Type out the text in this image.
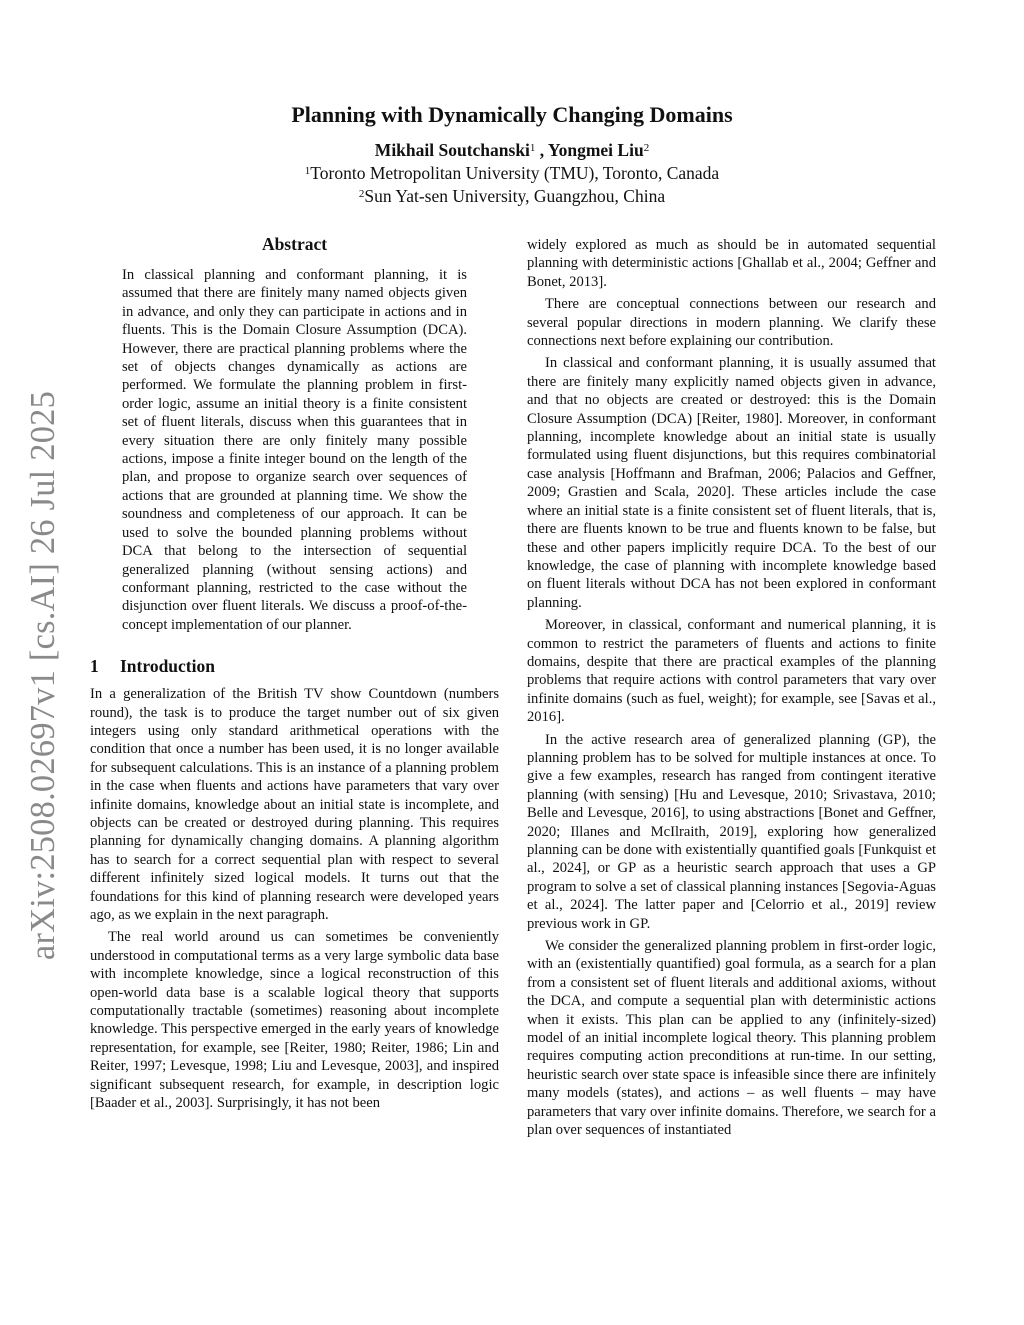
arXiv:2508.02697v1 [cs.AI] 26 Jul 2025
Planning with Dynamically Changing Domains
Mikhail Soutchanski$^1$ , Yongmei Liu$^2$
$^1$Toronto Metropolitan University (TMU), Toronto, Canada
$^2$Sun Yat-sen University, Guangzhou, China
Abstract

In classical planning and conformant planning, it is assumed that there are finitely many named objects given in advance, and only they can participate in actions and in fluents. This is the Domain Closure Assumption (DCA). However, there are practical planning problems where the set of objects changes dynamically as actions are performed. We formulate the planning problem in first-order logic, assume an initial theory is a finite consistent set of fluent literals, discuss when this guarantees that in every situation there are only finitely many possible actions, impose a finite integer bound on the length of the plan, and propose to organize search over sequences of actions that are grounded at planning time. We show the soundness and completeness of our approach. It can be used to solve the bounded planning problems without DCA that belong to the intersection of sequential generalized planning (without sensing actions) and conformant planning, restricted to the case without the disjunction over fluent literals. We discuss a proof-of-the-concept implementation of our planner.

1 Introduction

In a generalization of the British TV show Countdown (numbers round), the task is to produce the target number out of six given integers using only standard arithmetical operations with the condition that once a number has been used, it is no longer available for subsequent calculations. This is an instance of a planning problem in the case when fluents and actions have parameters that vary over infinite domains, knowledge about an initial state is incomplete, and objects can be created or destroyed during planning. This requires planning for dynamically changing domains. A planning algorithm has to search for a correct sequential plan with respect to several different infinitely sized logical models. It turns out that the foundations for this kind of planning research were developed years ago, as we explain in the next paragraph.

The real world around us can sometimes be conveniently understood in computational terms as a very large symbolic data base with incomplete knowledge, since a logical reconstruction of this open-world data base is a scalable logical theory that supports computationally tractable (sometimes) reasoning about incomplete knowledge. This perspective emerged in the early years of knowledge representation, for example, see [Reiter, 1980; Reiter, 1986; Lin and Reiter, 1997; Levesque, 1998; Liu and Levesque, 2003], and inspired significant subsequent research, for example, in description logic [Baader et al., 2003]. Surprisingly, it has not been

widely explored as much as should be in automated sequential planning with deterministic actions [Ghallab et al., 2004; Geffner and Bonet, 2013].

There are conceptual connections between our research and several popular directions in modern planning. We clarify these connections next before explaining our contribution.

In classical and conformant planning, it is usually assumed that there are finitely many explicitly named objects given in advance, and that no objects are created or destroyed: this is the Domain Closure Assumption (DCA) [Reiter, 1980]. Moreover, in conformant planning, incomplete knowledge about an initial state is usually formulated using fluent disjunctions, but this requires combinatorial case analysis [Hoffmann and Brafman, 2006; Palacios and Geffner, 2009; Grastien and Scala, 2020]. These articles include the case where an initial state is a finite consistent set of fluent literals, that is, there are fluents known to be true and fluents known to be false, but these and other papers implicitly require DCA. To the best of our knowledge, the case of planning with incomplete knowledge based on fluent literals without DCA has not been explored in conformant planning.

Moreover, in classical, conformant and numerical planning, it is common to restrict the parameters of fluents and actions to finite domains, despite that there are practical examples of the planning problems that require actions with control parameters that vary over infinite domains (such as fuel, weight); for example, see [Savas et al., 2016].

In the active research area of generalized planning (GP), the planning problem has to be solved for multiple instances at once. To give a few examples, research has ranged from contingent iterative planning (with sensing) [Hu and Levesque, 2010; Srivastava, 2010; Belle and Levesque, 2016], to using abstractions [Bonet and Geffner, 2020; Illanes and McIlraith, 2019], exploring how generalized planning can be done with existentially quantified goals [Funkquist et al., 2024], or GP as a heuristic search approach that uses a GP program to solve a set of classical planning instances [Segovia-Aguas et al., 2024]. The latter paper and [Celorrio et al., 2019] review previous work in GP.

We consider the generalized planning problem in first-order logic, with an (existentially quantified) goal formula, as a search for a plan from a consistent set of fluent literals and additional axioms, without the DCA, and compute a sequential plan with deterministic actions when it exists. This plan can be applied to any (infinitely-sized) model of an initial incomplete logical theory. This planning problem requires computing action preconditions at run-time. In our setting, heuristic search over state space is infeasible since there are infinitely many models (states), and actions – as well fluents – may have parameters that vary over infinite domains. Therefore, we search for a plan over sequences of instantiated
